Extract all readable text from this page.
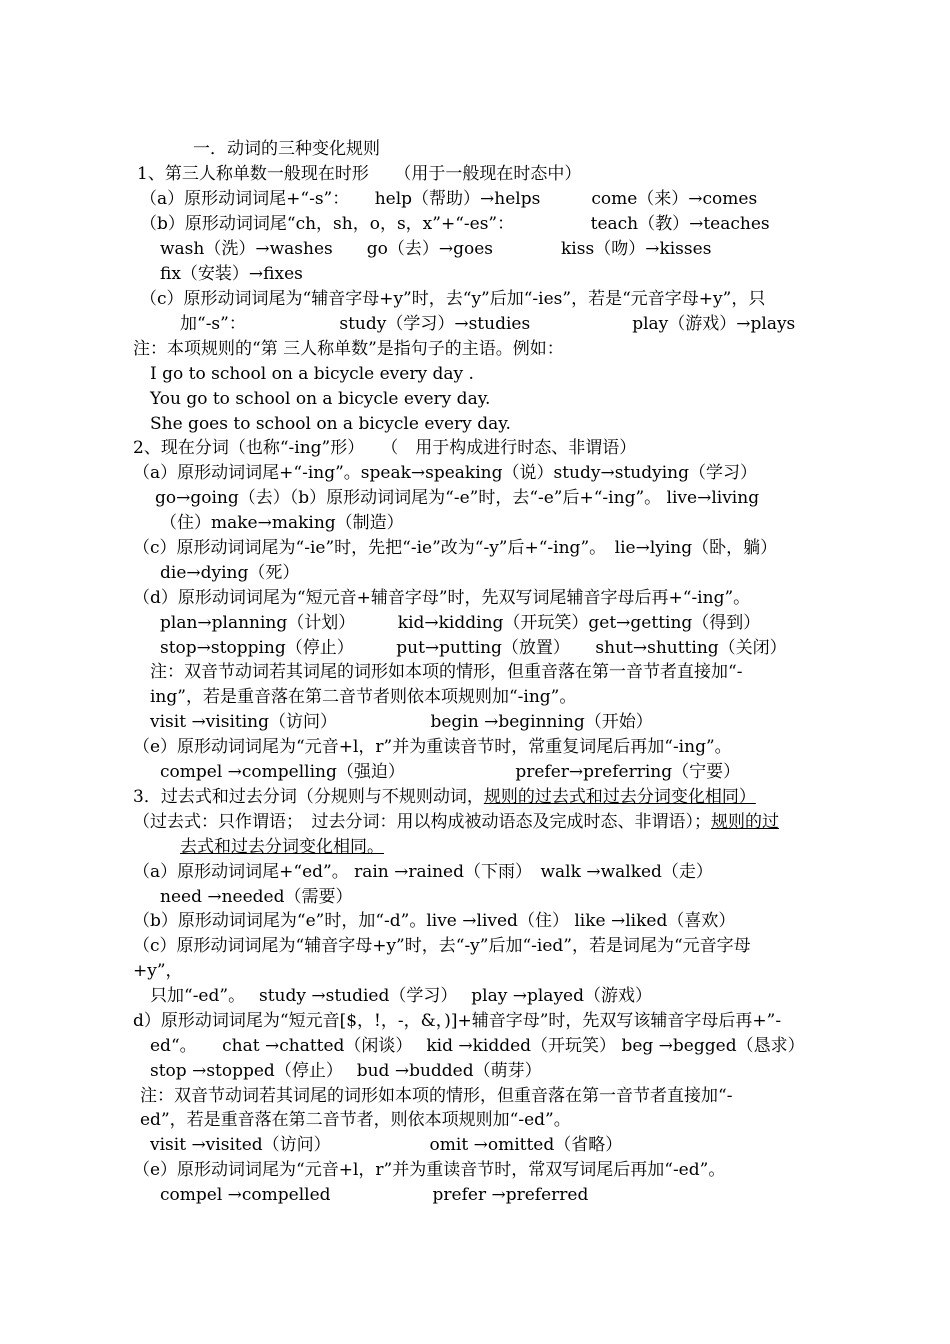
一．动词的三种变化规则
1、第三人称单数一般现在时形　　（用于一般现在时态中）
（a）原形动词词尾+“-s”：　　help（帮助）→helps　　　come（来）→comes
（b）原形动词词尾“ch，sh，o，s，x”+“-es”：　　　　　teach（教）→teaches
wash（洗）→washes　　go（去）→goes　　　　kiss（吻）→kisses
fix（安装）→fixes
（c）原形动词词尾为“辅音字母+y”时，去“y”后加“-ies”，若是“元音字母+y”，只
加“-s”：　　　　　　study（学习）→studies　　　　　　play（游戏）→plays
注：本项规则的“第 三人称单数”是指句子的主语。例如：
I go to school on a bicycle every day .
You go to school on a bicycle every day.
She goes to school on a bicycle every day.
2、现在分词（也称“-ing”形）　　（　用于构成进行时态、非谓语）
（a）原形动词词尾+“-ing”。speak→speaking（说）study→studying（学习）
go→going（去）（b）原形动词词尾为“-e”时，去“-e”后+“-ing”。 live→living
（住）make→making（制造）
（c）原形动词词尾为“-ie”时，先把“-ie”改为“-y”后+“-ing”。　lie→lying（卧，躺）
die→dying（死）
（d）原形动词词尾为“短元音+辅音字母”时，先双写词尾辅音字母后再+“-ing”。
plan→planning（计划）　　　kid→kidding（开玩笑）get→getting（得到）
stop→stopping（停止）　　　put→putting（放置）　　shut→shutting（关闭）
注：双音节动词若其词尾的词形如本项的情形，但重音落在第一音节者直接加“-
ing”，若是重音落在第二音节者则依本项规则加“-ing”。
visit →visiting（访问）　　　　　　begin →beginning（开始）
（e）原形动词词尾为“元音+l，r”并为重读音节时，常重复词尾后再加“-ing”。
compel →compelling（强迫）　　　　　　　prefer→preferring（宁要）
3．过去式和过去分词（分规则与不规则动词，规则的过去式和过去分词变化相同）
（过去式：只作谓语；　过去分词：用以构成被动语态及完成时态、非谓语）；规则的过
去式和过去分词变化相同。
（a）原形动词词尾+“ed”。 rain →rained（下雨）　walk →walked（走）
need →needed（需要）
（b）原形动词词尾为“e”时，加“-d”。live →lived（住） like →liked（喜欢）
（c）原形动词词尾为“辅音字母+y”时，去“-y”后加“-ied”，若是词尾为“元音字母
+y”，
只加“-ed”。　 study →studied（学习）　 play →played（游戏）
d）原形动词词尾为“短元音[$，!，-，&，)]+辅音字母”时，先双写该辅音字母后再+”-
ed“。　　chat →chatted（闲谈）　 kid →kidded（开玩笑） beg →begged（恳求）
stop →stopped（停止）　 bud →budded（萌芽）
注：双音节动词若其词尾的词形如本项的情形，但重音落在第一音节者直接加“-
ed”，若是重音落在第二音节者，则依本项规则加“-ed”。
visit →visited（访问）　　　　　　 omit →omitted（省略）
（e）原形动词词尾为“元音+l，r”并为重读音节时，常双写词尾后再加“-ed”。
compel →compelled　　　　　　prefer →preferred
